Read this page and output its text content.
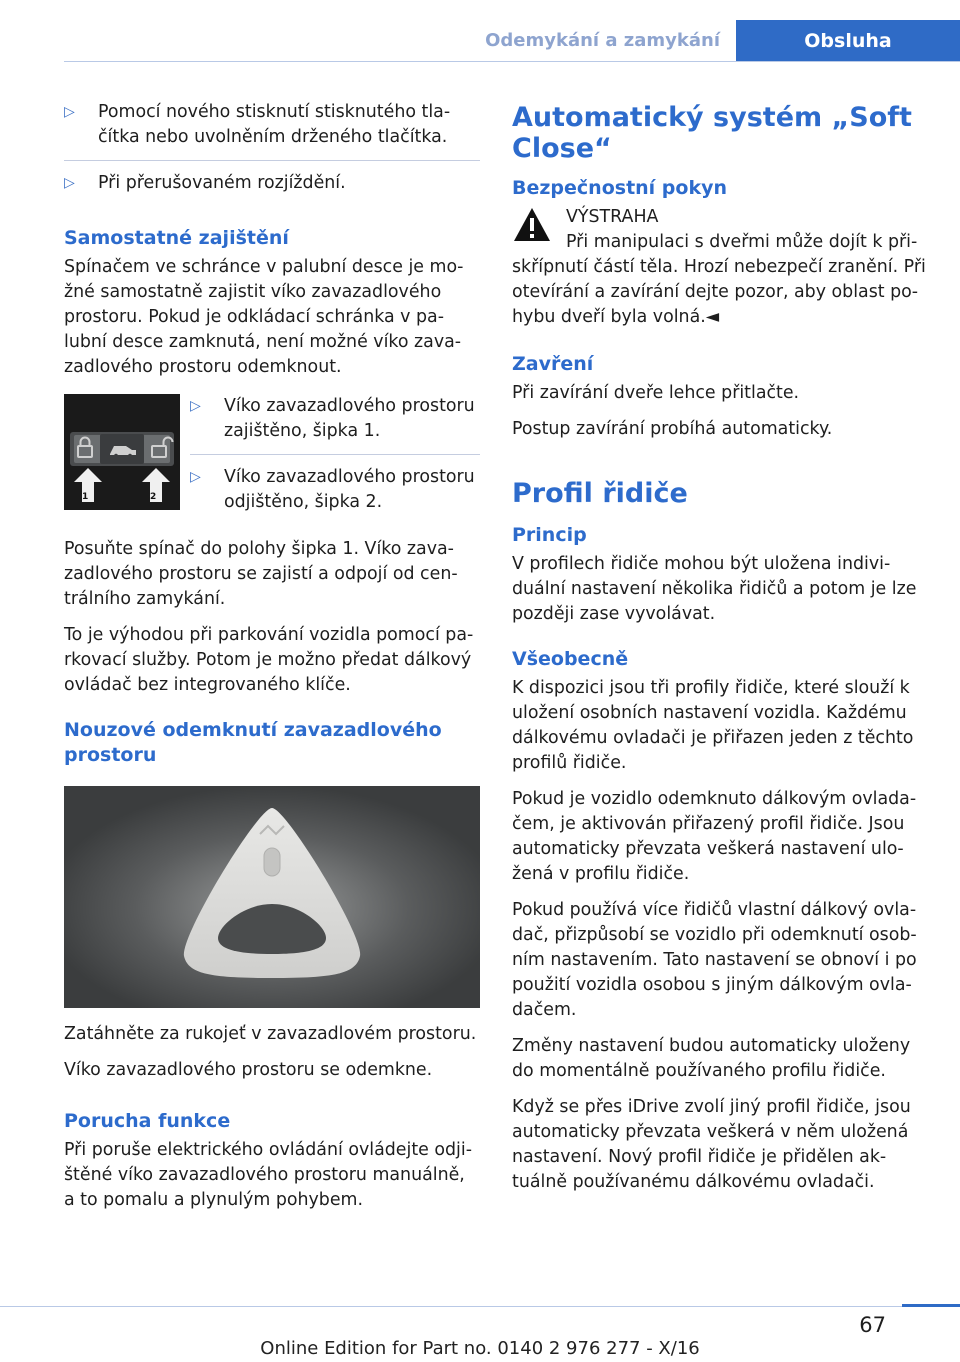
Odemykání a zamykání	Obsluha
▷ Pomocí nového stisknutí stisknutého tlačítka nebo uvolněním drženého tlačítka.
▷ Při přerušovaném rozjíždění.
Samostatné zajištění

Spínačem ve schránce v palubní desce je možné samostatně zajistit víko zavazadlového prostoru. Pokud je odkládací schránka v palubní desce zamknutá, není možné víko zavazadlového prostoru odemknout.

1	2
▷ Víko zavazadlového prostoru zajištěno, šipka 1.
▷ Víko zavazadlového prostoru odjištěno, šipka 2.

Posuňte spínač do polohy šipka 1. Víko zavazadlového prostoru se zajistí a odpojí od centrálního zamykání.

To je výhodou při parkování vozidla pomocí parkovací služby. Potom je možno předat dálkový ovládač bez integrovaného klíče.

Nouzové odemknutí zavazadlového prostoru

Zatáhněte za rukojeť v zavazadlovém prostoru.

Víko zavazadlového prostoru se odemkne.

Porucha funkce

Při poruše elektrického ovládání ovládejte odjištěné víko zavazadlového prostoru manuálně, a to pomalu a plynulým pohybem.

Automatický systém „Soft Close“
Bezpečnostní pokyn

VÝSTRAHA

Při manipulaci s dveřmi může dojít k přiskřípnutí částí těla. Hrozí nebezpečí zranění. Při otevírání a zavírání dejte pozor, aby oblast pohybu dveří byla volná.◄

Zavření

Při zavírání dveře lehce přitlačte.

Postup zavírání probíhá automaticky.

Profil řidiče
Princip

V profilech řidiče mohou být uložena individuální nastavení několika řidičů a potom je lze později zase vyvolávat.

Všeobecně

K dispozici jsou tři profily řidiče, které slouží k uložení osobních nastavení vozidla. Každému dálkovému ovladači je přiřazen jeden z těchto profilů řidiče.

Pokud je vozidlo odemknuto dálkovým ovladačem, je aktivován přiřazený profil řidiče. Jsou automaticky převzata veškerá nastavení uložená v profilu řidiče.

Pokud používá více řidičů vlastní dálkový ovladač, přizpůsobí se vozidlo při odemknutí osobním nastavením. Tato nastavení se obnoví i po použití vozidla osobou s jiným dálkovým ovladačem.

Změny nastavení budou automaticky uloženy do momentálně používaného profilu řidiče.

Když se přes iDrive zvolí jiný profil řidiče, jsou automaticky převzata veškerá v něm uložená nastavení. Nový profil řidiče je přidělen aktuálně používanému dálkovému ovladači.

67
Online Edition for Part no. 0140 2 976 277 - X/16
